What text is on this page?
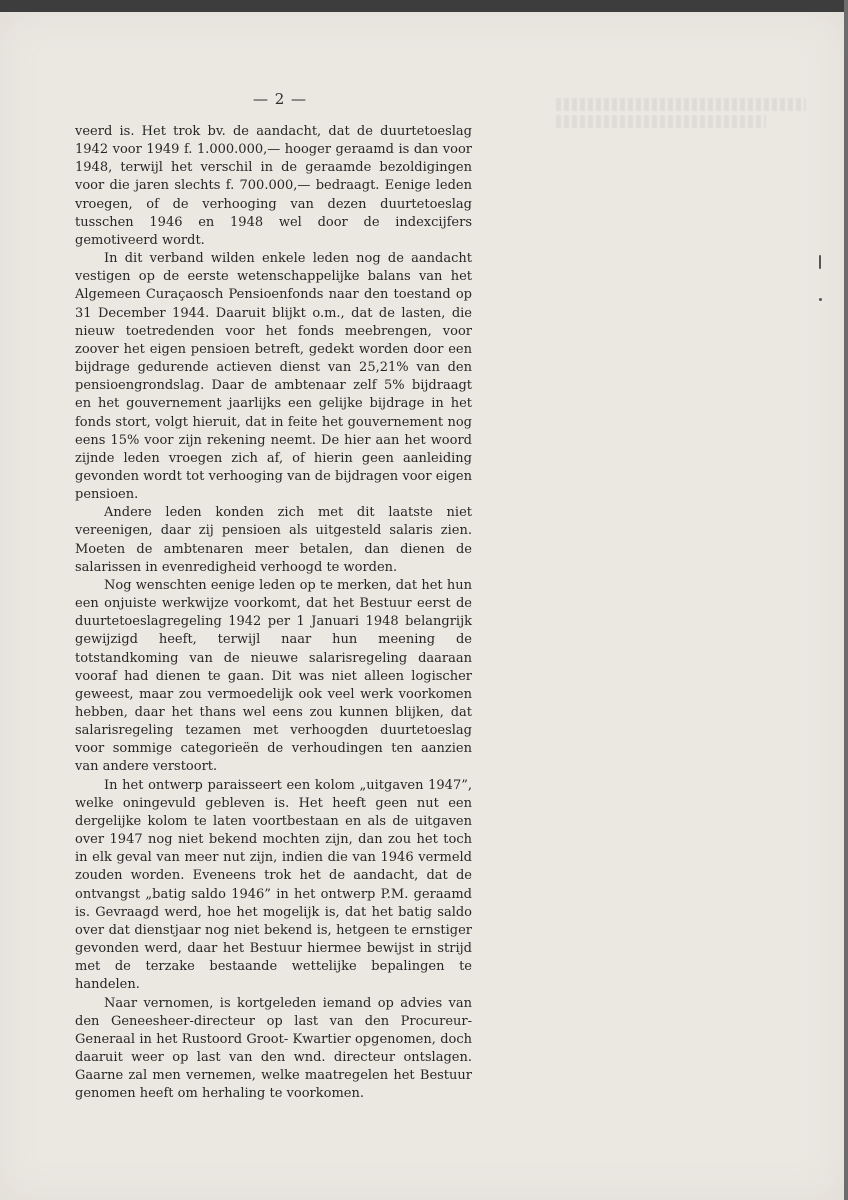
— 2 —

veerd is. Het trok bv. de aandacht, dat de duurtetoeslag 1942 voor 1949 f. 1.000.000,— hooger geraamd is dan voor 1948, terwijl het verschil in de geraamde bezoldigingen voor die jaren slechts f. 700.000,— bedraagt. Eenige leden vroegen, of de verhooging van dezen duurtetoeslag tusschen 1946 en 1948 wel door de indexcijfers gemotiveerd wordt.

In dit verband wilden enkele leden nog de aandacht vestigen op de eerste wetenschappelijke balans van het Algemeen Curaçaosch Pensioenfonds naar den toestand op 31 December 1944. Daaruit blijkt o.m., dat de lasten, die nieuw toetredenden voor het fonds meebrengen, voor zoover het eigen pensioen betreft, gedekt worden door een bijdrage gedurende actieven dienst van 25,21% van den pensioengrondslag. Daar de ambtenaar zelf 5% bijdraagt en het gouvernement jaarlijks een gelijke bijdrage in het fonds stort, volgt hieruit, dat in feite het gouvernement nog eens 15% voor zijn rekening neemt. De hier aan het woord zijnde leden vroegen zich af, of hierin geen aanleiding gevonden wordt tot verhooging van de bijdragen voor eigen pensioen.

Andere leden konden zich met dit laatste niet vereenigen, daar zij pensioen als uitgesteld salaris zien. Moeten de ambtenaren meer betalen, dan dienen de salarissen in evenredigheid verhoogd te worden.

Nog wenschten eenige leden op te merken, dat het hun een onjuiste werkwijze voorkomt, dat het Bestuur eerst de duurtetoeslagregeling 1942 per 1 Januari 1948 belangrijk gewijzigd heeft, terwijl naar hun meening de totstandkoming van de nieuwe salarisregeling daaraan vooraf had dienen te gaan. Dit was niet alleen logischer geweest, maar zou vermoedelijk ook veel werk voorkomen hebben, daar het thans wel eens zou kunnen blijken, dat salarisregeling tezamen met verhoogden duurtetoeslag voor sommige categorieën de verhoudingen ten aanzien van andere verstoort.

In het ontwerp paraisseert een kolom „uitgaven 1947”, welke oningevuld gebleven is. Het heeft geen nut een dergelijke kolom te laten voortbestaan en als de uitgaven over 1947 nog niet bekend mochten zijn, dan zou het toch in elk geval van meer nut zijn, indien die van 1946 vermeld zouden worden. Eveneens trok het de aandacht, dat de ontvangst „batig saldo 1946” in het ontwerp P.M. geraamd is. Gevraagd werd, hoe het mogelijk is, dat het batig saldo over dat dienstjaar nog niet bekend is, hetgeen te ernstiger gevonden werd, daar het Bestuur hiermee bewijst in strijd met de terzake bestaande wettelijke bepalingen te handelen.

Naar vernomen, is kortgeleden iemand op advies van den Geneesheer-directeur op last van den Procureur-Generaal in het Rustoord Groot- Kwartier opgenomen, doch daaruit weer op last van den wnd. directeur ontslagen. Gaarne zal men vernemen, welke maatregelen het Bestuur genomen heeft om herhaling te voorkomen.
